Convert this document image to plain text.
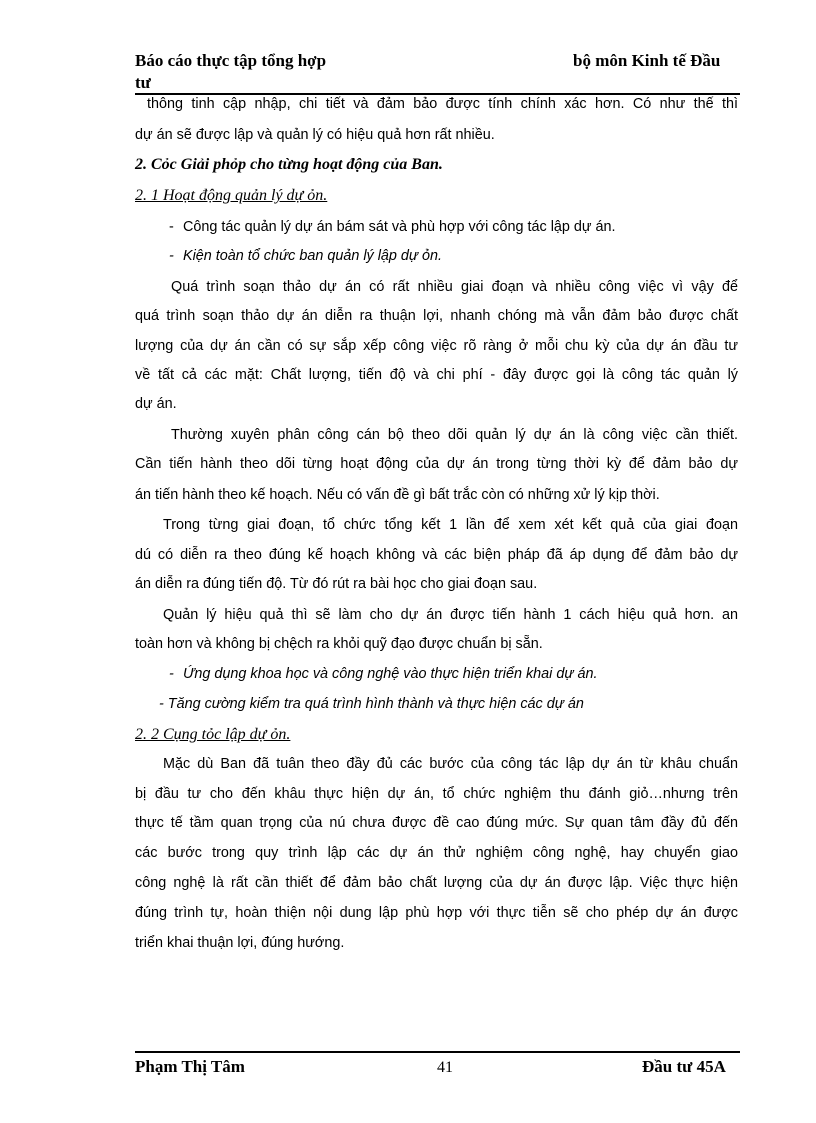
Báo cáo thực tập tổng hợp
tư
bộ môn Kinh tế Đầu
thông tinh cập nhập, chi tiết và đảm bảo được tính chính xác hơn. Có như thế thì
dự án sẽ được lập và quản lý có hiệu quả hơn rất nhiều.
2. Cỏc Giải phỏp cho từng hoạt động của Ban.
2. 1 Hoạt động quản lý dự ỏn.
- Công tác quản lý dự án bám sát và phù hợp với công tác lập dự án.
- Kiện toàn tổ chức ban quản lý lập dự ỏn.
Quá trình soạn thảo dự án có rất nhiều giai đoạn và nhiều công việc vì vậy để
quá trình soạn thảo dự án diễn ra thuận lợi, nhanh chóng mà vẫn đảm bảo được chất
lượng của dự án cần có sự sắp xếp công việc rõ ràng ở mỗi chu kỳ của dự án đầu tư
về tất cả các mặt: Chất lượng, tiến độ và chi phí - đây được gọi là công tác quản lý
dự án.
Thường xuyên phân công cán bộ theo dõi quản lý dự án là công việc cần thiết.
Cần tiến hành theo dõi từng hoạt động của dự án trong từng thời kỳ để đảm bảo dự
án tiến hành theo kế hoạch. Nếu có vấn đề gì bất trắc còn có những xử lý kịp thời.
Trong từng giai đoạn, tổ chức tổng kết 1 lần để xem xét kết quả của giai đoạn
dú có diễn ra theo đúng kế hoạch không và các biện pháp đã áp dụng để đảm bảo dự
án diễn ra đúng tiến độ. Từ đó rút ra bài học cho giai đoạn sau.
Quản lý hiệu quả thì sẽ làm cho dự án được tiến hành 1 cách hiệu quả hơn. an
toàn hơn và không bị chệch ra khỏi quỹ đạo được chuẩn bị sẵn.
- Ứng dụng khoa học và công nghệ vào thực hiện triển khai dự án.
- Tăng cường kiểm tra quá trình hình thành và thực hiện các dự án
2. 2 Cụng tỏc lập dự ỏn.
Mặc dù Ban đã tuân theo đầy đủ các bước của công tác lập dự án từ khâu chuẩn
bị đầu tư cho đến khâu thực hiện dự án, tổ chức nghiệm thu đánh giỏ…nhưng trên
thực tế tầm quan trọng của nú chưa được đề cao đúng mức. Sự quan tâm đầy đủ đến
các bước trong quy trình lập các dự án thử nghiệm công nghệ, hay chuyển giao
công nghệ là rất cần thiết để đảm bảo chất lượng của dự án được lập. Việc thực hiện
đúng trình tự, hoàn thiện nội dung lập phù hợp với thực tiễn sẽ cho phép dự án được
triển khai thuận lợi, đúng hướng.
Phạm Thị Tâm	41	Đầu tư 45A
